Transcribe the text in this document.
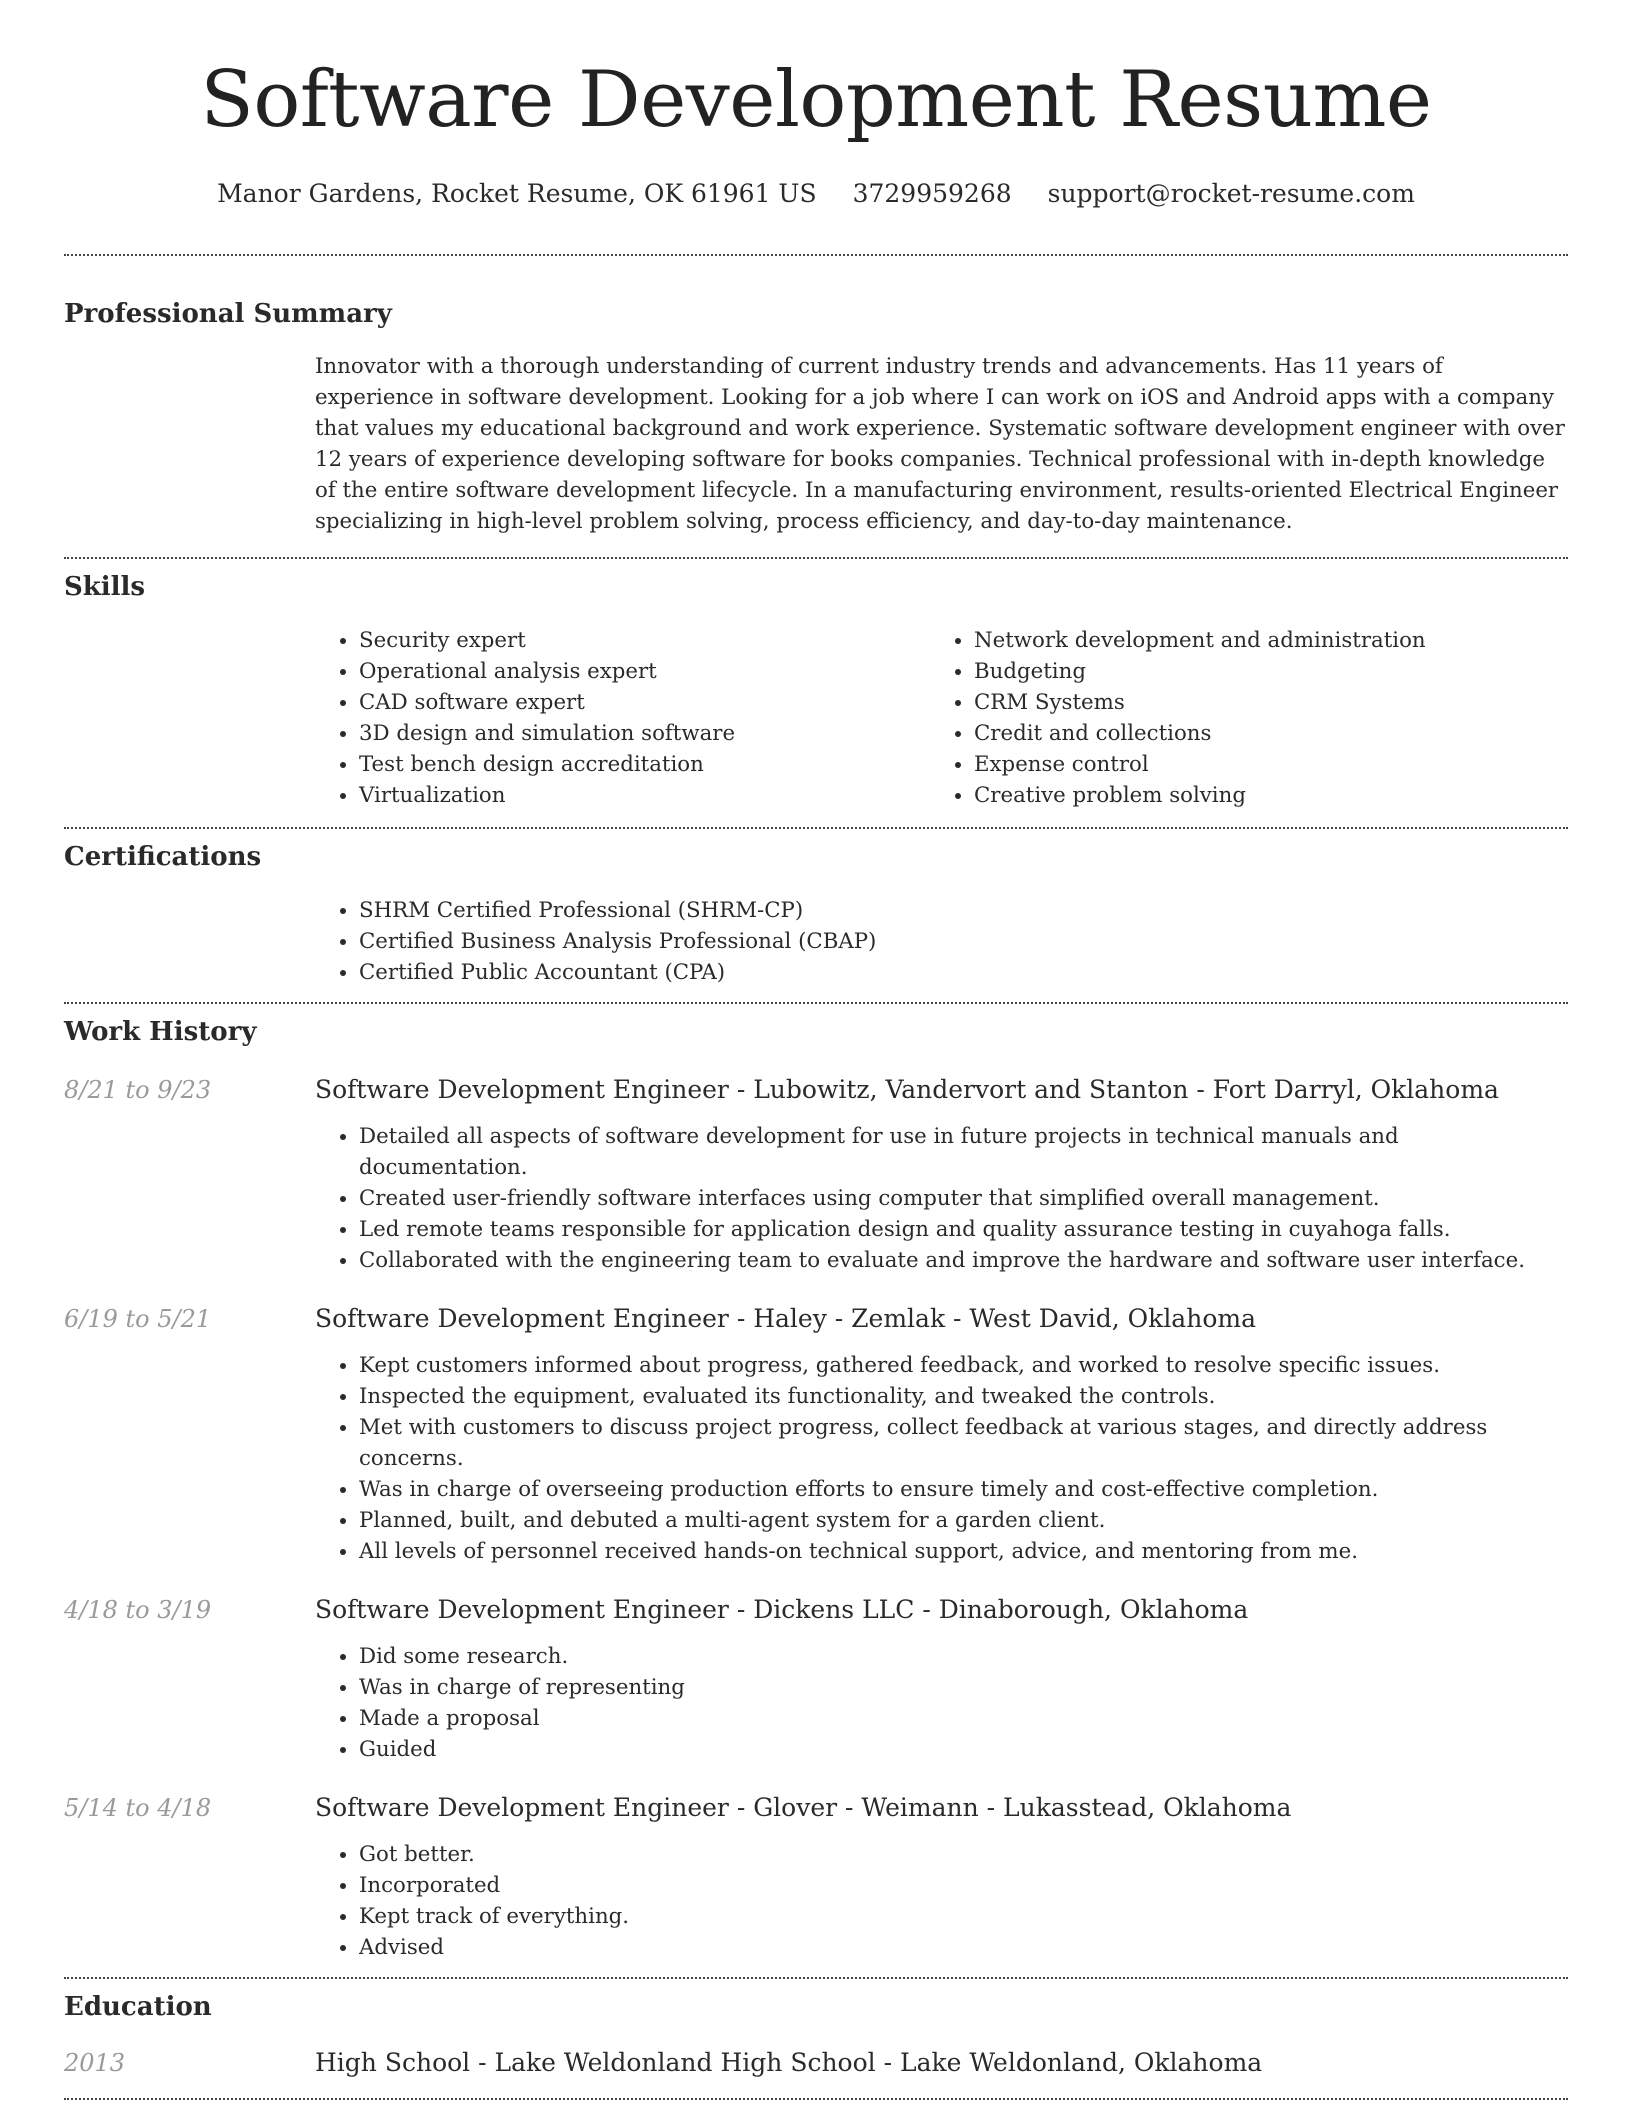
Software Development Resume
Manor Gardens, Rocket Resume, OK 61961 US 3729959268 support@rocket-resume.com
Professional Summary

Innovator with a thorough understanding of current industry trends and advancements. Has 11 years of experience in software development. Looking for a job where I can work on iOS and Android apps with a company that values my educational background and work experience. Systematic software development engineer with over 12 years of experience developing software for books companies. Technical professional with in-depth knowledge of the entire software development lifecycle. In a manufacturing environment, results-oriented Electrical Engineer specializing in high-level problem solving, process efficiency, and day-to-day maintenance.

Skills
• Security expert
• Operational analysis expert
• CAD software expert
• 3D design and simulation software
• Test bench design accreditation
• Virtualization
• Network development and administration
• Budgeting
• CRM Systems
• Credit and collections
• Expense control
• Creative problem solving
Certifications
• SHRM Certified Professional (SHRM-CP)
• Certified Business Analysis Professional (CBAP)
• Certified Public Accountant (CPA)
Work History
8/21 to 9/23	Software Development Engineer - Lubowitz, Vandervort and Stanton - Fort Darryl, Oklahoma
• Detailed all aspects of software development for use in future projects in technical manuals and documentation.
• Created user-friendly software interfaces using computer that simplified overall management.
• Led remote teams responsible for application design and quality assurance testing in cuyahoga falls.
• Collaborated with the engineering team to evaluate and improve the hardware and software user interface.
6/19 to 5/21	Software Development Engineer - Haley - Zemlak - West David, Oklahoma
• Kept customers informed about progress, gathered feedback, and worked to resolve specific issues.
• Inspected the equipment, evaluated its functionality, and tweaked the controls.
• Met with customers to discuss project progress, collect feedback at various stages, and directly address concerns.
• Was in charge of overseeing production efforts to ensure timely and cost-effective completion.
• Planned, built, and debuted a multi-agent system for a garden client.
• All levels of personnel received hands-on technical support, advice, and mentoring from me.
4/18 to 3/19	Software Development Engineer - Dickens LLC - Dinaborough, Oklahoma
• Did some research.
• Was in charge of representing
• Made a proposal
• Guided
5/14 to 4/18	Software Development Engineer - Glover - Weimann - Lukasstead, Oklahoma
• Got better.
• Incorporated
• Kept track of everything.
• Advised
Education
2013	High School - Lake Weldonland High School - Lake Weldonland, Oklahoma
